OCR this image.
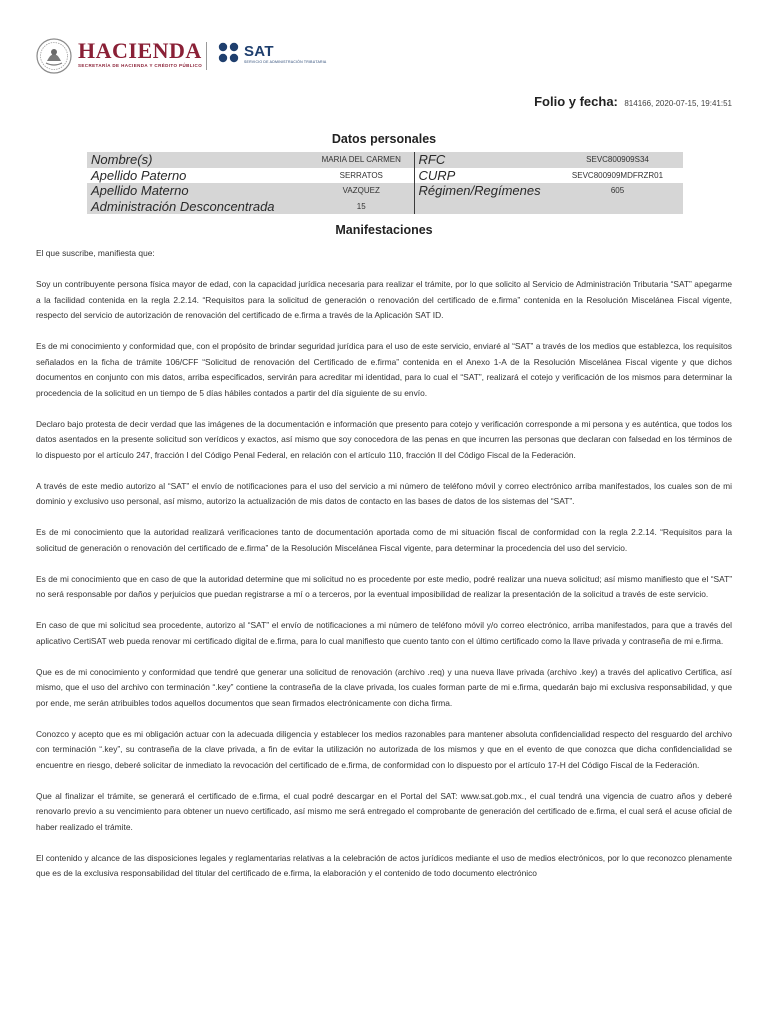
HACIENDA
SECRETARÍA DE HACIENDA Y CRÉDITO PÚBLICO
SAT
SERVICIO DE ADMINISTRACIÓN TRIBUTARIA
Folio y fecha: 814166, 2020-07-15, 19:41:51
Datos personales
Nombre(s)	MARIA DEL CARMEN	RFC	SEVC800909S34
Apellido Paterno	SERRATOS	CURP	SEVC800909MDFRZR01
Apellido Materno	VAZQUEZ	Régimen/Regímenes	605
Administración Desconcentrada	15		
Manifestaciones

El que suscribe, manifiesta que:

Soy un contribuyente persona física mayor de edad, con la capacidad jurídica necesaria para realizar el trámite, por lo que solicito al Servicio de Administración Tributaria “SAT” apegarme a la facilidad contenida en la regla 2.2.14. “Requisitos para la solicitud de generación o renovación del certificado de e.firma” contenida en la Resolución Miscelánea Fiscal vigente, respecto del servicio de autorización de renovación del certificado de e.firma a través de la Aplicación SAT ID.

Es de mi conocimiento y conformidad que, con el propósito de brindar seguridad jurídica para el uso de este servicio, enviaré al “SAT” a través de los medios que establezca, los requisitos señalados en la ficha de trámite 106/CFF “Solicitud de renovación del Certificado de e.firma” contenida en el Anexo 1-A de la Resolución Miscelánea Fiscal vigente y que dichos documentos en conjunto con mis datos, arriba especificados, servirán para acreditar mi identidad, para lo cual el “SAT”, realizará el cotejo y verificación de los mismos para determinar la procedencia de la solicitud en un tiempo de 5 días hábiles contados a partir del día siguiente de su envío.

Declaro bajo protesta de decir verdad que las imágenes de la documentación e información que presento para cotejo y verificación corresponde a mi persona y es auténtica, que todos los datos asentados en la presente solicitud son verídicos y exactos, así mismo que soy conocedora de las penas en que incurren las personas que declaran con falsedad en los términos de lo dispuesto por el artículo 247, fracción I del Código Penal Federal, en relación con el artículo 110, fracción II del Código Fiscal de la Federación.

A través de este medio autorizo al “SAT” el envío de notificaciones para el uso del servicio a mi número de teléfono móvil y correo electrónico arriba manifestados, los cuales son de mi dominio y exclusivo uso personal, así mismo, autorizo la actualización de mis datos de contacto en las bases de datos de los sistemas del “SAT”.

Es de mi conocimiento que la autoridad realizará verificaciones tanto de documentación aportada como de mi situación fiscal de conformidad con la regla 2.2.14. “Requisitos para la solicitud de generación o renovación del certificado de e.firma” de la Resolución Miscelánea Fiscal vigente, para determinar la procedencia del uso del servicio.

Es de mi conocimiento que en caso de que la autoridad determine que mi solicitud no es procedente por este medio, podré realizar una nueva solicitud; así mismo manifiesto que el “SAT” no será responsable por daños y perjuicios que puedan registrarse a mí o a terceros, por la eventual imposibilidad de realizar la presentación de la solicitud a través de este servicio.

En caso de que mi solicitud sea procedente, autorizo al “SAT” el envío de notificaciones a mi número de teléfono móvil y/o correo electrónico, arriba manifestados, para que a través del aplicativo CertiSAT web pueda renovar mi certificado digital de e.firma, para lo cual manifiesto que cuento tanto con el último certificado como la llave privada y contraseña de mi e.firma.

Que es de mi conocimiento y conformidad que tendré que generar una solicitud de renovación (archivo .req) y una nueva llave privada (archivo .key) a través del aplicativo Certifica, así mismo, que el uso del archivo con terminación “.key” contiene la contraseña de la clave privada, los cuales forman parte de mi e.firma, quedarán bajo mi exclusiva responsabilidad, y que por ende, me serán atribuibles todos aquellos documentos que sean firmados electrónicamente con dicha firma.

Conozco y acepto que es mi obligación actuar con la adecuada diligencia y establecer los medios razonables para mantener absoluta confidencialidad respecto del resguardo del archivo con terminación “.key”, su contraseña de la clave privada, a fin de evitar la utilización no autorizada de los mismos y que en el evento de que conozca que dicha confidencialidad se encuentre en riesgo, deberé solicitar de inmediato la revocación del certificado de e.firma, de conformidad con lo dispuesto por el artículo 17-H del Código Fiscal de la Federación.

Que al finalizar el trámite, se generará el certificado de e.firma, el cual podré descargar en el Portal del SAT: www.sat.gob.mx., el cual tendrá una vigencia de cuatro años y deberé renovarlo previo a su vencimiento para obtener un nuevo certificado, así mismo me será entregado el comprobante de generación del certificado de e.firma, el cual será el acuse oficial de haber realizado el trámite.

El contenido y alcance de las disposiciones legales y reglamentarias relativas a la celebración de actos jurídicos mediante el uso de medios electrónicos, por lo que reconozco plenamente que es de la exclusiva responsabilidad del titular del certificado de e.firma, la elaboración y el contenido de todo documento electrónico
